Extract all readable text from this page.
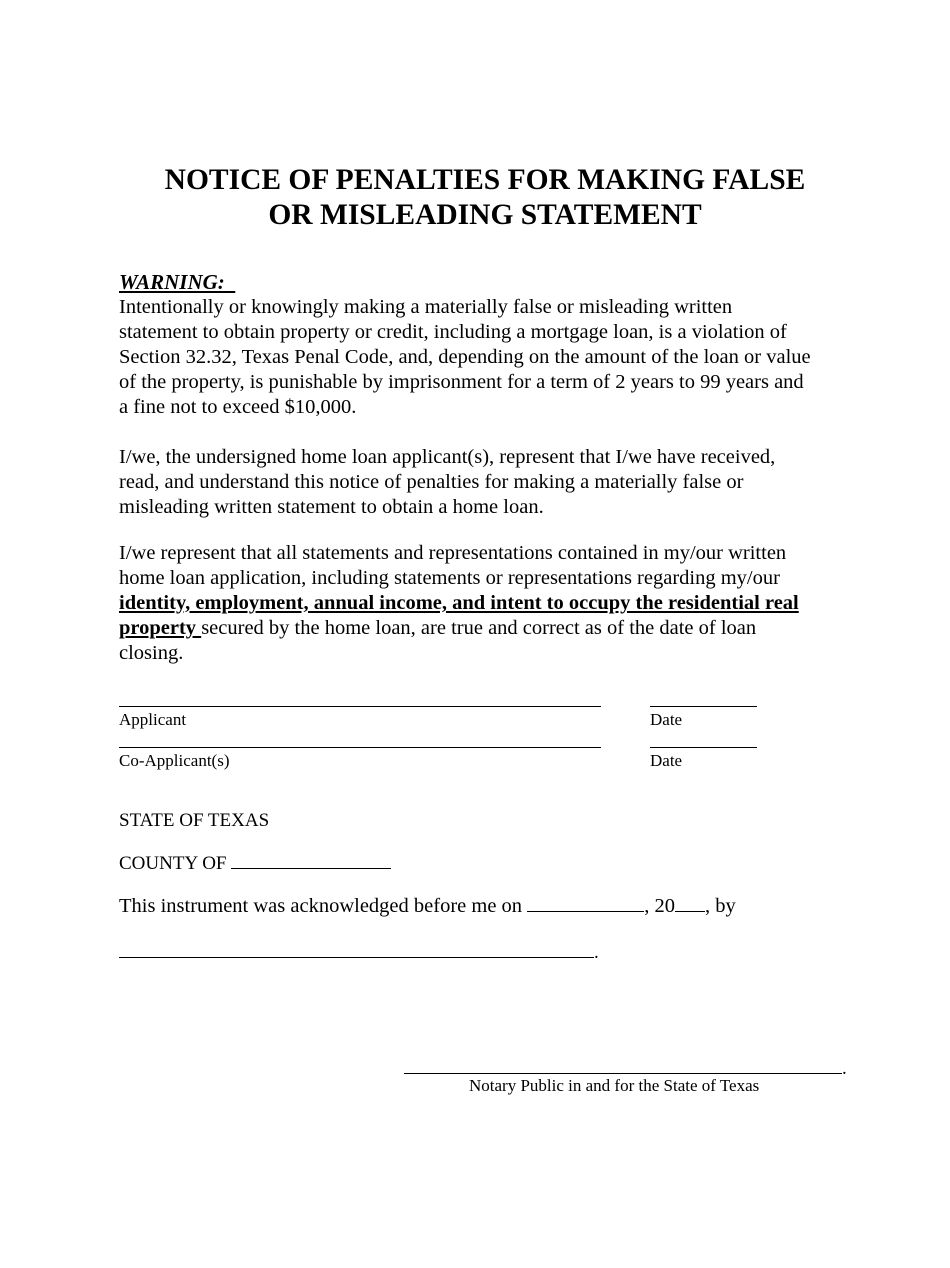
NOTICE OF PENALTIES FOR MAKING FALSE
OR MISLEADING STATEMENT
WARNING:
Intentionally or knowingly making a materially false or misleading written
statement to obtain property or credit, including a mortgage loan, is a violation of
Section 32.32, Texas Penal Code, and, depending on the amount of the loan or value
of the property, is punishable by imprisonment for a term of 2 years to 99 years and
a fine not to exceed $10,000.
I/we, the undersigned home loan applicant(s), represent that I/we have received,
read, and understand this notice of penalties for making a materially false or
misleading written statement to obtain a home loan.
I/we represent that all statements and representations contained in my/our written
home loan application, including statements or representations regarding my/our
identity, employment, annual income, and intent to occupy the residential real
property secured by the home loan, are true and correct as of the date of loan
closing.
Applicant	Date
Co-Applicant(s)	Date
STATE OF TEXAS
COUNTY OF
This instrument was acknowledged before me on	, 20 , by
.
.
Notary Public in and for the State of Texas
